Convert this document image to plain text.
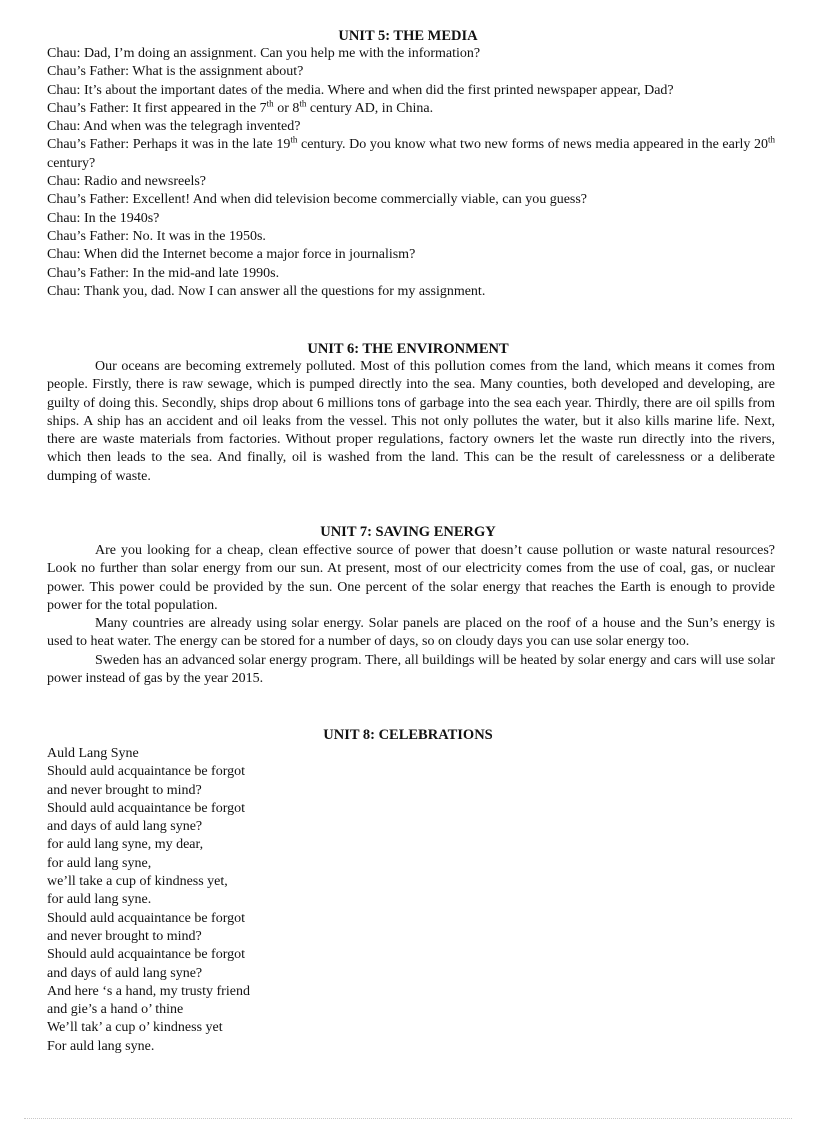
UNIT 5: THE MEDIA
Chau: Dad, I’m doing an assignment. Can you help me with the information?
Chau’s Father: What is the assignment about?

Chau: It’s about the important dates of the media. Where and when did the first printed newspaper appear, Dad?

Chau’s Father: It first appeared in the 7th or 8th century AD, in China.
Chau: And when was the telegragh invented?

Chau’s Father: Perhaps it was in the late 19th century. Do you know what two new forms of news media appeared in the early 20th century?

Chau: Radio and newsreels?
Chau’s Father: Excellent! And when did television become commercially viable, can you guess?
Chau: In the 1940s?
Chau’s Father: No. It was in the 1950s.
Chau: When did the Internet become a major force in journalism?
Chau’s Father: In the mid-and late 1990s.
Chau: Thank you, dad. Now I can answer all the questions for my assignment.
UNIT 6: THE ENVIRONMENT

Our oceans are becoming extremely polluted. Most of this pollution comes from the land, which means it comes from people. Firstly, there is raw sewage, which is pumped directly into the sea. Many counties, both developed and developing, are guilty of doing this. Secondly, ships drop about 6 millions tons of garbage into the sea each year. Thirdly, there are oil spills from ships. A ship has an accident and oil leaks from the vessel. This not only pollutes the water, but it also kills marine life. Next, there are waste materials from factories. Without proper regulations, factory owners let the waste run directly into the rivers, which then leads to the sea. And finally, oil is washed from the land. This can be the result of carelessness or a deliberate dumping of waste.

UNIT 7: SAVING ENERGY

Are you looking for a cheap, clean effective source of power that doesn’t cause pollution or waste natural resources? Look no further than solar energy from our sun. At present, most of our electricity comes from the use of coal, gas, or nuclear power. This power could be provided by the sun. One percent of the solar energy that reaches the Earth is enough to provide power for the total population.

Many countries are already using solar energy. Solar panels are placed on the roof of a house and the Sun’s energy is used to heat water. The energy can be stored for a number of days, so on cloudy days you can use solar energy too.

Sweden has an advanced solar energy program. There, all buildings will be heated by solar energy and cars will use solar power instead of gas by the year 2015.

UNIT 8: CELEBRATIONS
Auld Lang Syne
Should auld acquaintance be forgot
and never brought to mind?
Should auld acquaintance be forgot
and days of auld lang syne?
for auld lang syne, my dear,
for auld lang syne,
we’ll take a cup of kindness yet,
for auld lang syne.
Should auld acquaintance be forgot
and never brought to mind?
Should auld acquaintance be forgot
and days of auld lang syne?
And here ‘s a hand, my trusty friend
and gie’s a hand o’ thine
We’ll tak’ a cup o’ kindness yet
For auld lang syne.
